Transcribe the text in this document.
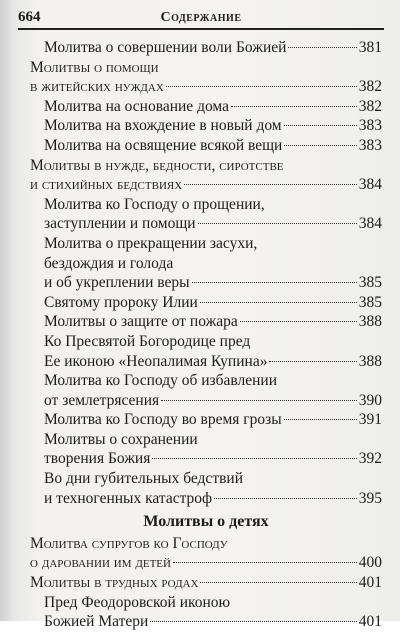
664	Содержание
Молитва о совершении воли Божией	381
Молитвы о помощи
в житейских нуждах	382
Молитва на основание дома	382
Молитва на вхождение в новый дом	383
Молитва на освящение всякой вещи	383
Молитвы в нужде, бедности, сиротстве
и стихийных бедствиях	384
Молитва ко Господу о прощении,
заступлении и помощи	384
Молитва о прекращении засухи,
бездождия и голода
и об укреплении веры	385
Святому пророку Илии	385
Молитвы о защите от пожара	388
Ко Пресвятой Богородице пред
Ее иконою «Неопалимая Купина»	388
Молитва ко Господу об избавлении
от землетрясения	390
Молитва ко Господу во время грозы	391
Молитвы о сохранении
творения Божия	392
Во дни губительных бедствий
и техногенных катастроф	395
Молитвы о детях
Молитва супругов ко Господу
о даровании им детей	400
Молитвы в трудных родах	401
Пред Феодоровской иконою
Божией Матери	401
